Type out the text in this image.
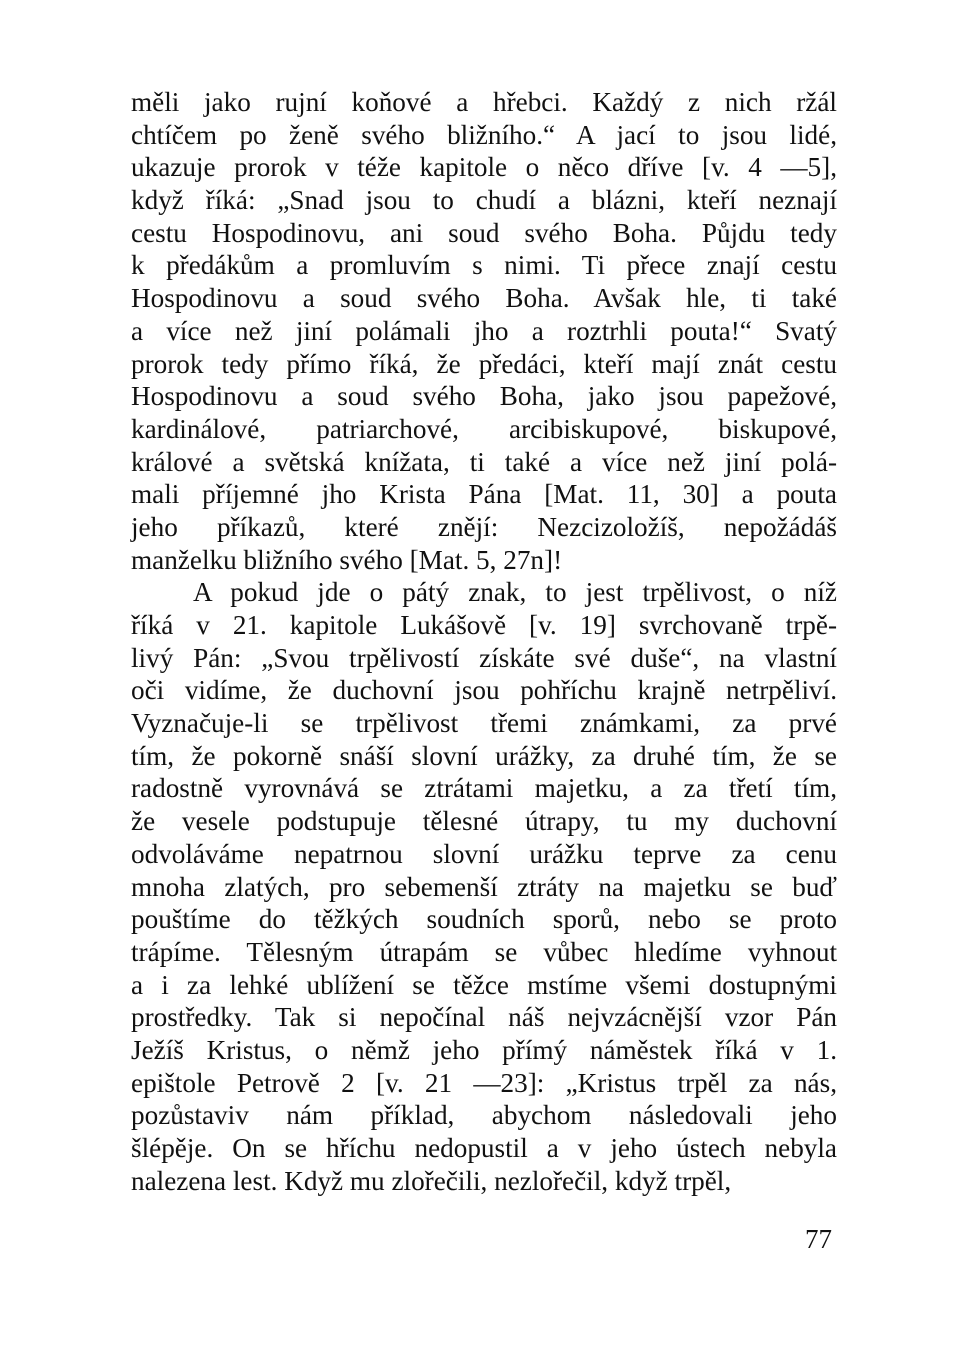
měli jako rujní koňové a hřebci. Každý z nich ržál
chtíčem po ženě svého bližního.“ A jací to jsou lidé,
ukazuje prorok v téže kapitole o něco dříve [v. 4 —5],
když říká: „Snad jsou to chudí a blázni, kteří neznají
cestu Hospodinovu, ani soud svého Boha. Půjdu tedy
k předákům a promluvím s nimi. Ti přece znají cestu
Hospodinovu a soud svého Boha. Avšak hle, ti také
a více než jiní polámali jho a roztrhli pouta!“ Svatý
prorok tedy přímo říká, že předáci, kteří mají znát cestu
Hospodinovu a soud svého Boha, jako jsou papežové,
kardinálové, patriarchové, arcibiskupové, biskupové,
králové a světská knížata, ti také a více než jiní polá-
mali příjemné jho Krista Pána [Mat. 11, 30] a pouta
jeho příkazů, které znějí: Nezcizoložíš, nepožádáš
manželku bližního svého [Mat. 5, 27n]!
A pokud jde o pátý znak, to jest trpělivost, o níž
říká v 21. kapitole Lukášově [v. 19] svrchovaně trpě-
livý Pán: „Svou trpělivostí získáte své duše“, na vlastní
oči vidíme, že duchovní jsou pohříchu krajně netrpěliví.
Vyznačuje-li se trpělivost třemi známkami, za prvé
tím, že pokorně snáší slovní urážky, za druhé tím, že se
radostně vyrovnává se ztrátami majetku, a za třetí tím,
že vesele podstupuje tělesné útrapy, tu my duchovní
odvoláváme nepatrnou slovní urážku teprve za cenu
mnoha zlatých, pro sebemenší ztráty na majetku se buď
pouštíme do těžkých soudních sporů, nebo se proto
trápíme. Tělesným útrapám se vůbec hledíme vyhnout
a i za lehké ublížení se těžce mstíme všemi dostupnými
prostředky. Tak si nepočínal náš nejvzácnější vzor Pán
Ježíš Kristus, o němž jeho přímý náměstek říká v 1.
epištole Petrově 2 [v. 21 —23]: „Kristus trpěl za nás,
pozůstaviv nám příklad, abychom následovali jeho
šlépěje. On se hříchu nedopustil a v jeho ústech nebyla
nalezena lest. Když mu zlořečili, nezlořečil, když trpěl,
77
